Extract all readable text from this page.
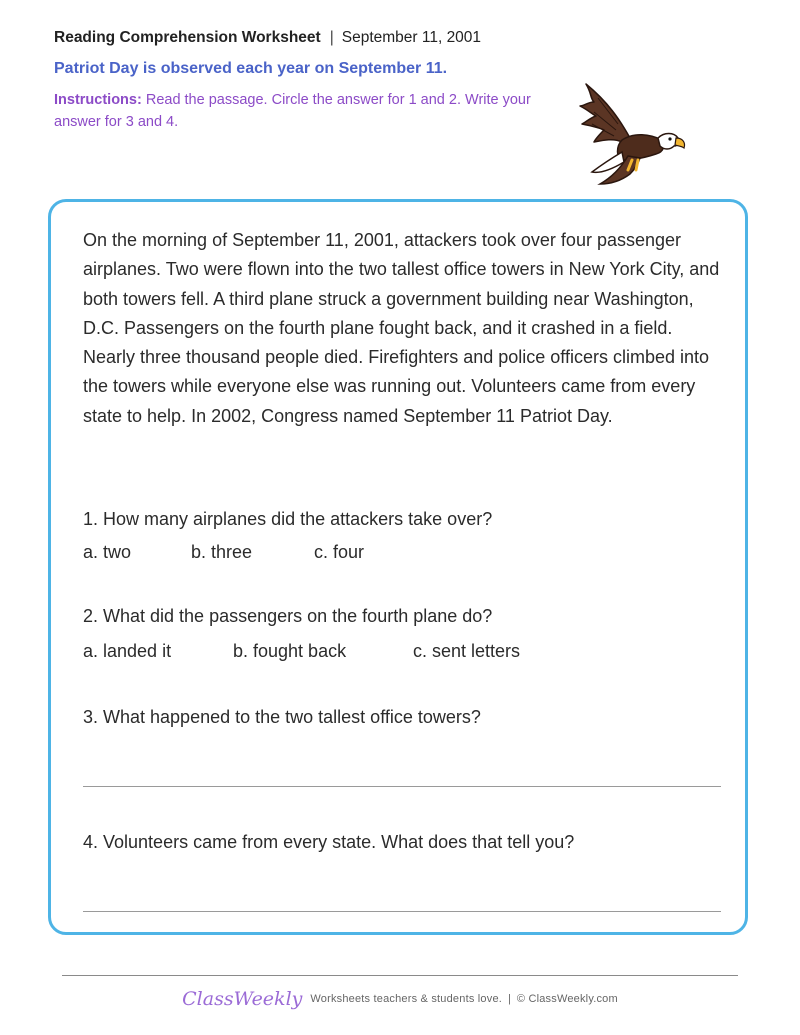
Reading Comprehension Worksheet | September 11, 2001
Patriot Day is observed each year on September 11.
Instructions: Read the passage. Circle the answer for 1 and 2. Write your answer for 3 and 4.

On the morning of September 11, 2001, attackers took over four passenger airplanes. Two were flown into the two tallest office towers in New York City, and both towers fell. A third plane struck a government building near Washington, D.C. Passengers on the fourth plane fought back, and it crashed in a field. Nearly three thousand people died. Firefighters and police officers climbed into the towers while everyone else was running out. Volunteers came from every state to help. In 2002, Congress named September 11 Patriot Day.

1. How many airplanes did the attackers take over?
a. two	b. three	c. four
2. What did the passengers on the fourth plane do?
a. landed it	b. fought back	c. sent letters
3. What happened to the two tallest office towers?
4. Volunteers came from every state. What does that tell you?
ClassWeekly Worksheets teachers & students love. | © ClassWeekly.com
